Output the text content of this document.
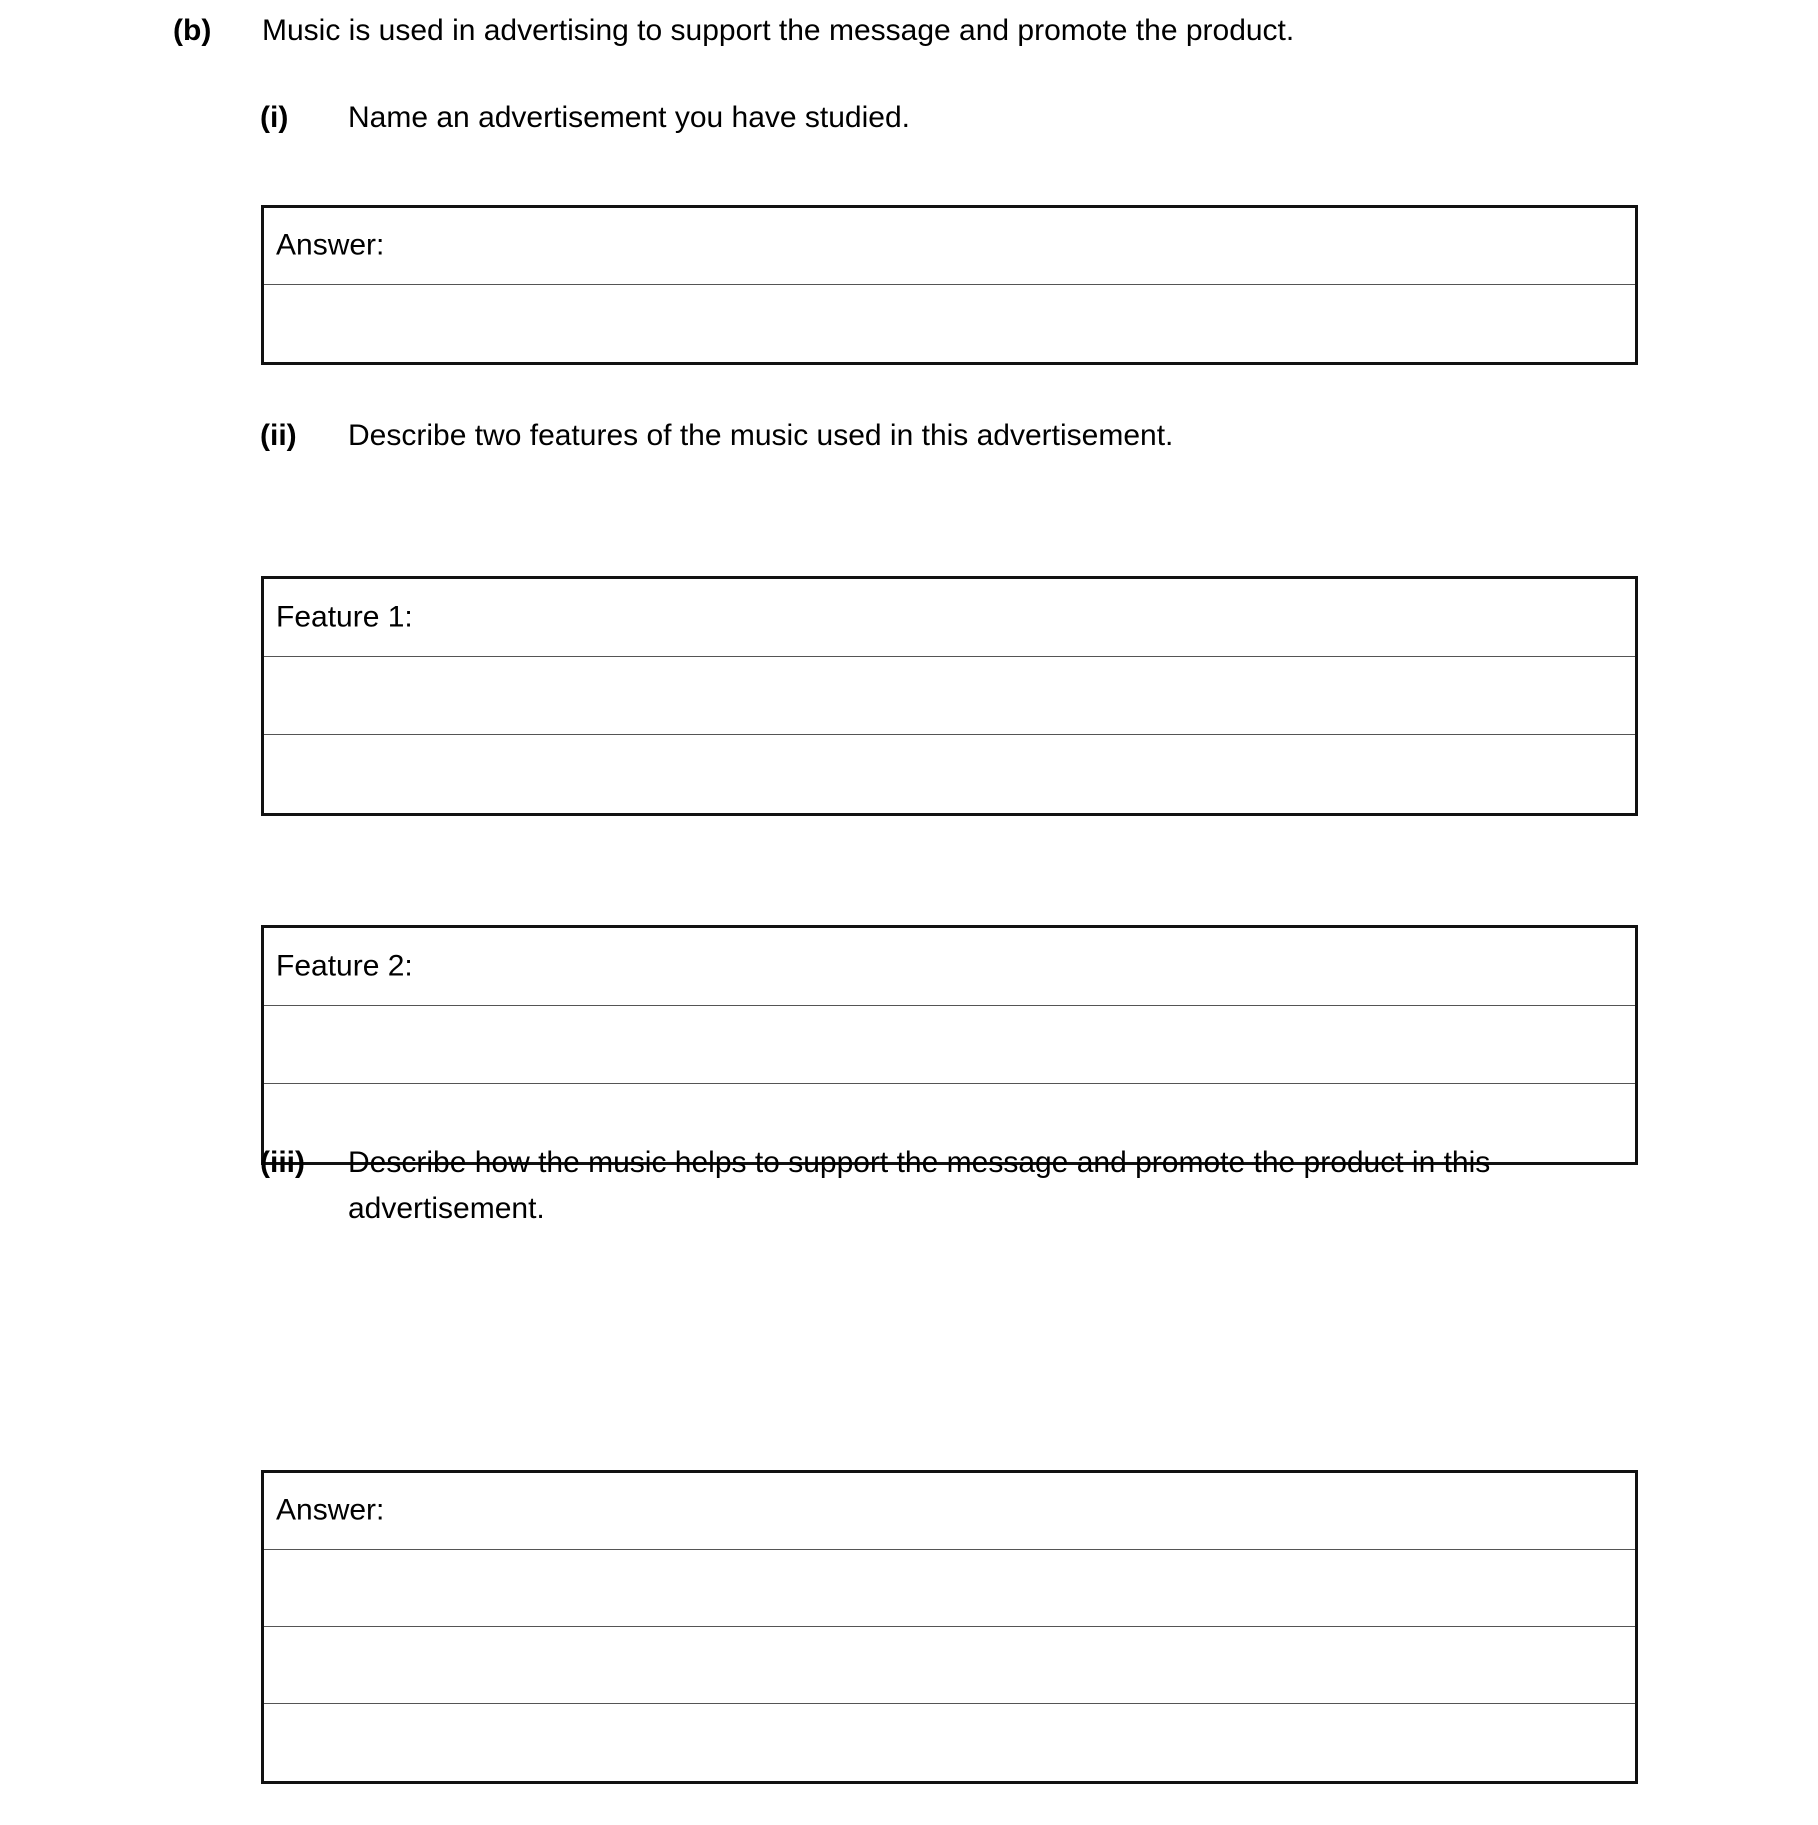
(b)	Music is used in advertising to support the message and promote the product.
(i)	Name an advertisement you have studied.
Answer:
(ii)	Describe two features of the music used in this advertisement.
Feature 1:
Feature 2:
(iii)	Describe how the music helps to support the message and promote the product in this advertisement.
Answer:
